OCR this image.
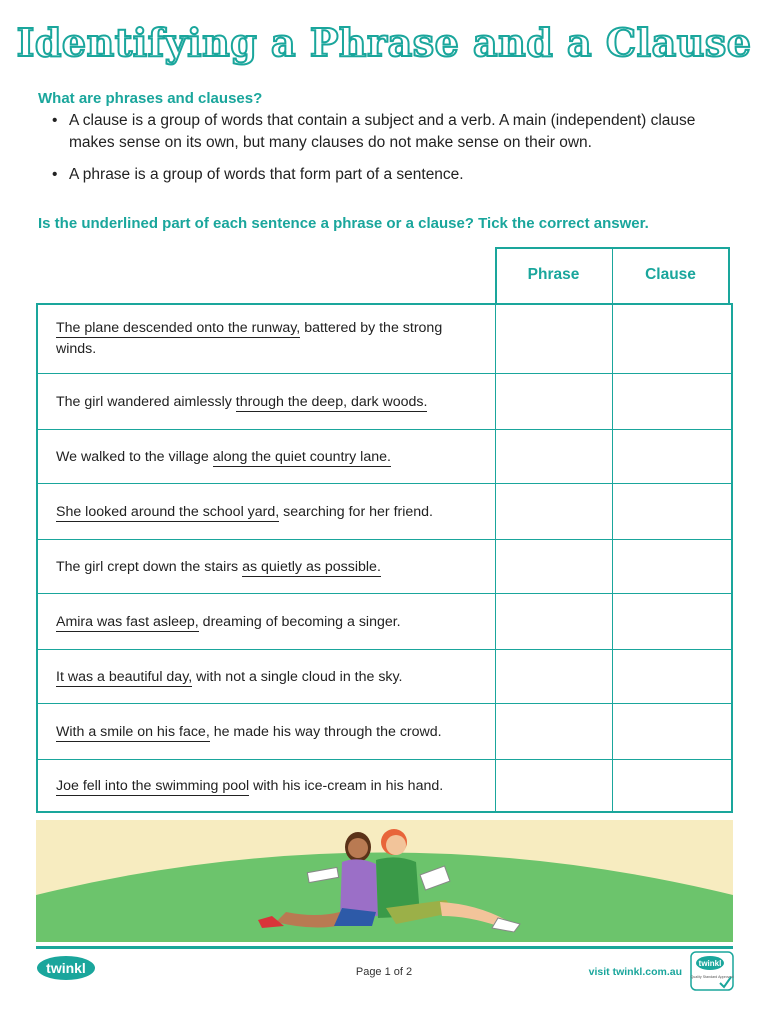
Identifying a Phrase and a Clause
What are phrases and clauses?
• A clause is a group of words that contain a subject and a verb. A main (independent) clause makes sense on its own, but many clauses do not make sense on their own.
• A phrase is a group of words that form part of a sentence.
Is the underlined part of each sentence a phrase or a clause? Tick the correct answer.
Phrase	Clause
The plane descended onto the runway, battered by the strong winds.
The girl wandered aimlessly through the deep, dark woods.
We walked to the village along the quiet country lane.
She looked around the school yard, searching for her friend.
The girl crept down the stairs as quietly as possible.
Amira was fast asleep, dreaming of becoming a singer.
It was a beautiful day, with not a single cloud in the sky.
With a smile on his face, he made his way through the crowd.
Joe fell into the swimming pool with his ice-cream in his hand.
twinkl	Page 1 of 2	visit twinkl.com.au
twinkl
Quality Standard Approved
